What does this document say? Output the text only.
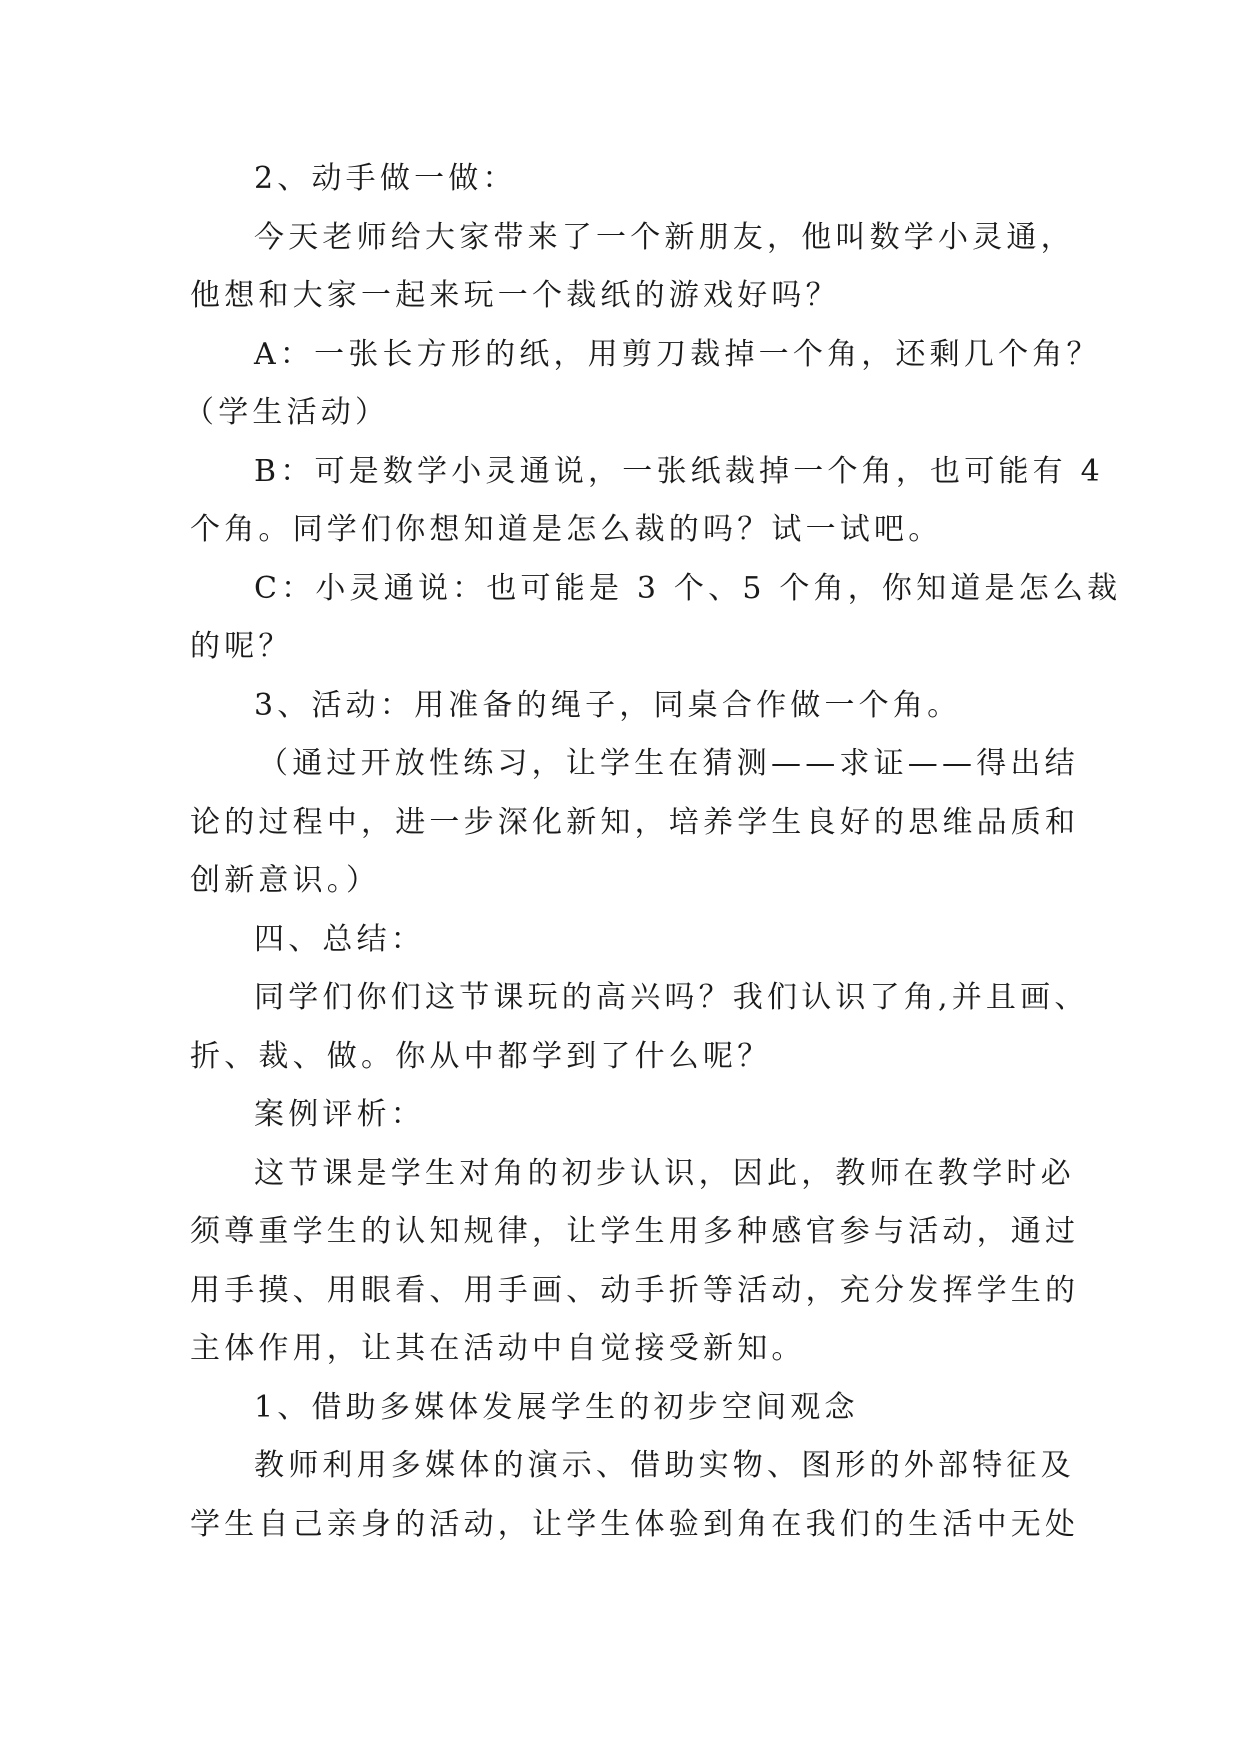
2、动手做一做：
今天老师给大家带来了一个新朋友，他叫数学小灵通，
他想和大家一起来玩一个裁纸的游戏好吗？
A：一张长方形的纸，用剪刀裁掉一个角，还剩几个角？
（学生活动）
B：可是数学小灵通说，一张纸裁掉一个角，也可能有 4
个角。同学们你想知道是怎么裁的吗？试一试吧。
C：小灵通说：也可能是 3 个、5 个角，你知道是怎么裁
的呢？
3、活动：用准备的绳子，同桌合作做一个角。
（通过开放性练习，让学生在猜测——求证——得出结
论的过程中，进一步深化新知，培养学生良好的思维品质和
创新意识。）
四、总结：
同学们你们这节课玩的高兴吗？我们认识了角,并且画、
折、裁、做。你从中都学到了什么呢？
案例评析：
这节课是学生对角的初步认识，因此，教师在教学时必
须尊重学生的认知规律，让学生用多种感官参与活动，通过
用手摸、用眼看、用手画、动手折等活动，充分发挥学生的
主体作用，让其在活动中自觉接受新知。
1、借助多媒体发展学生的初步空间观念
教师利用多媒体的演示、借助实物、图形的外部特征及
学生自己亲身的活动，让学生体验到角在我们的生活中无处
